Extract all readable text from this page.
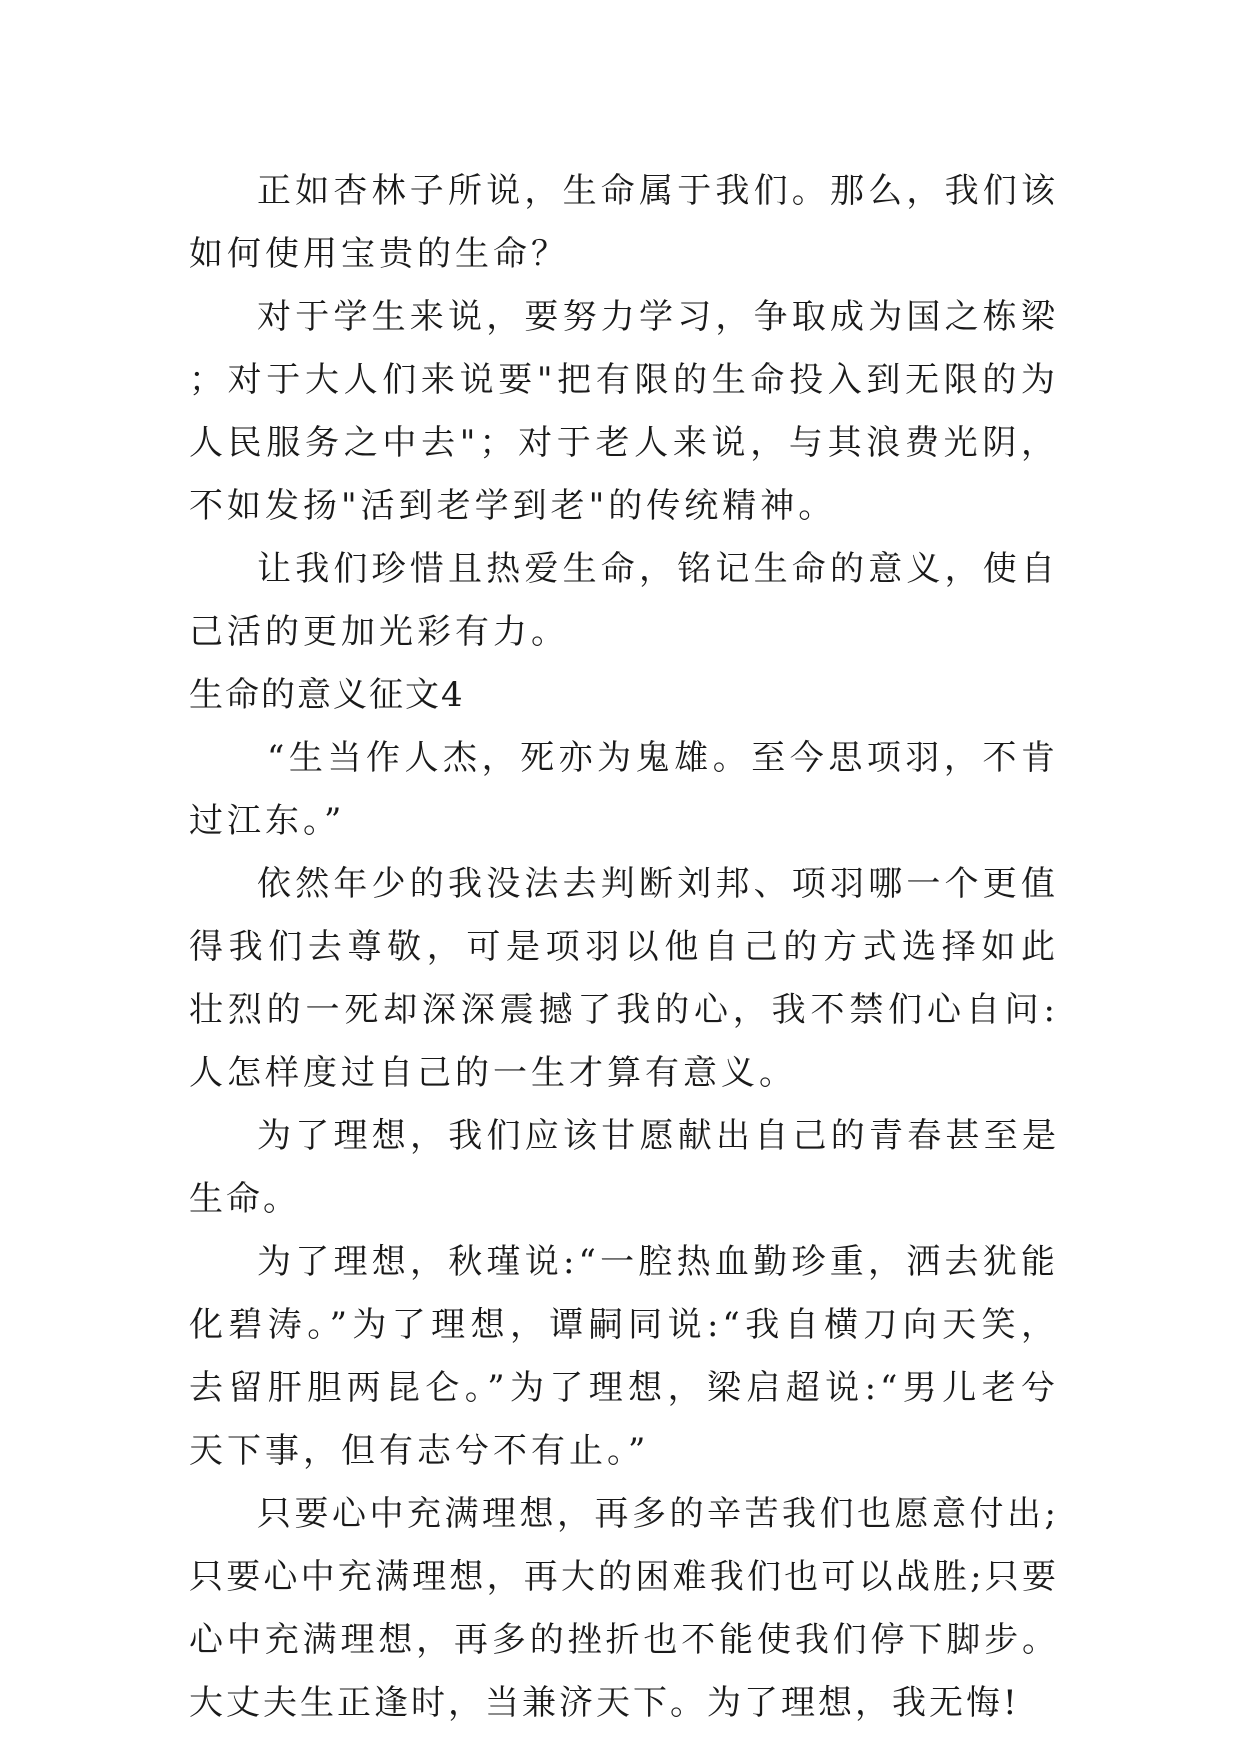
正如杏林子所说，生命属于我们。那么，我们该如何使用宝贵的生命？

对于学生来说，要努力学习，争取成为国之栋梁；对于大人们来说要"把有限的生命投入到无限的为人民服务之中去"；对于老人来说，与其浪费光阴，不如发扬"活到老学到老"的传统精神。

让我们珍惜且热爱生命，铭记生命的意义，使自己活的更加光彩有力。

生命的意义征文4

“生当作人杰，死亦为鬼雄。至今思项羽，不肯过江东。”

依然年少的我没法去判断刘邦、项羽哪一个更值得我们去尊敬，可是项羽以他自己的方式选择如此壮烈的一死却深深震撼了我的心，我不禁们心自问:人怎样度过自己的一生才算有意义。

为了理想，我们应该甘愿献出自己的青春甚至是生命。

为了理想，秋瑾说:“一腔热血勤珍重，洒去犹能化碧涛。”为了理想，谭嗣同说:“我自横刀向天笑，去留肝胆两昆仑。”为了理想，梁启超说:“男儿老兮天下事，但有志兮不有止。”

只要心中充满理想，再多的辛苦我们也愿意付出;只要心中充满理想，再大的困难我们也可以战胜;只要心中充满理想，再多的挫折也不能使我们停下脚步。大丈夫生正逢时，当兼济天下。为了理想，我无悔!
